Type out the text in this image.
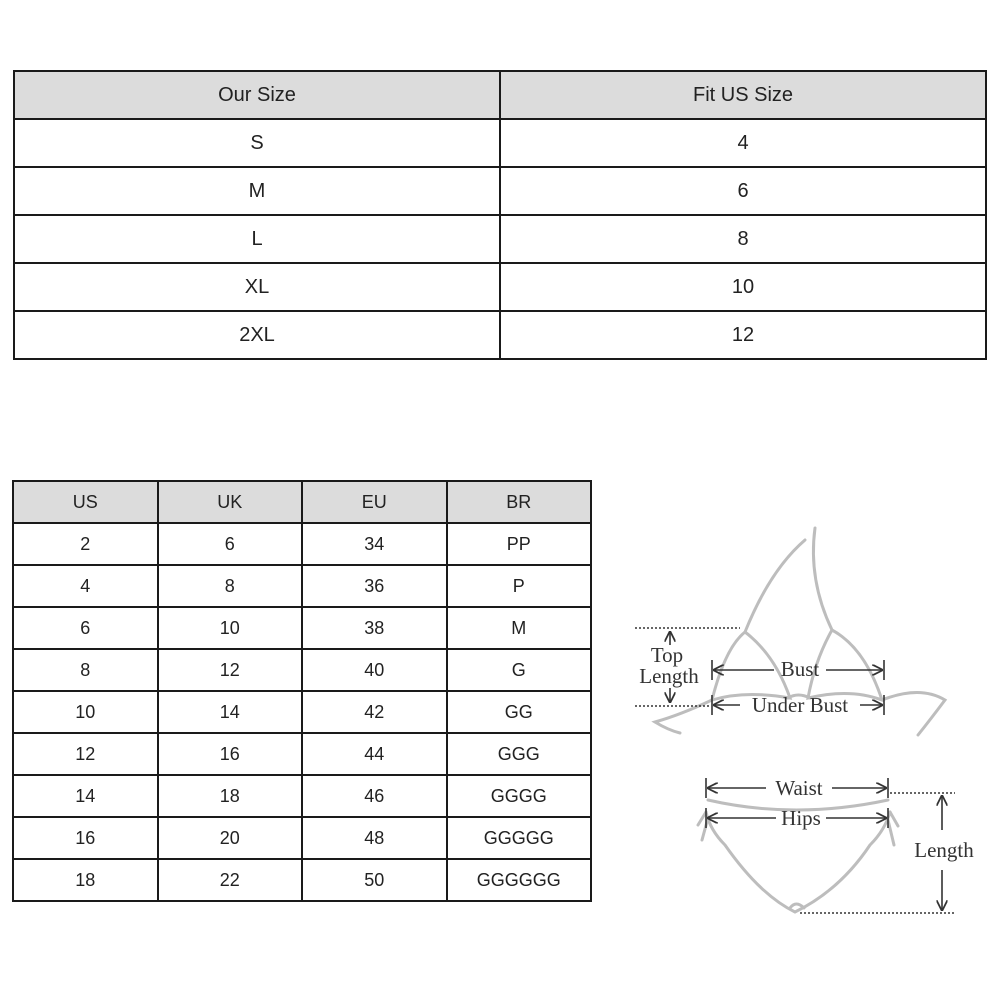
Our Size	Fit US Size
S	4
M	6
L	8
XL	10
2XL	12
US	UK	EU	BR
2	6	34	PP
4	8	36	P
6	10	38	M
8	12	40	G
10	14	42	GG
12	16	44	GGG
14	18	46	GGGG
16	20	48	GGGGG
18	22	50	GGGGGG
Top
Length	Bust
Under Bust
Waist
Hips
Length
